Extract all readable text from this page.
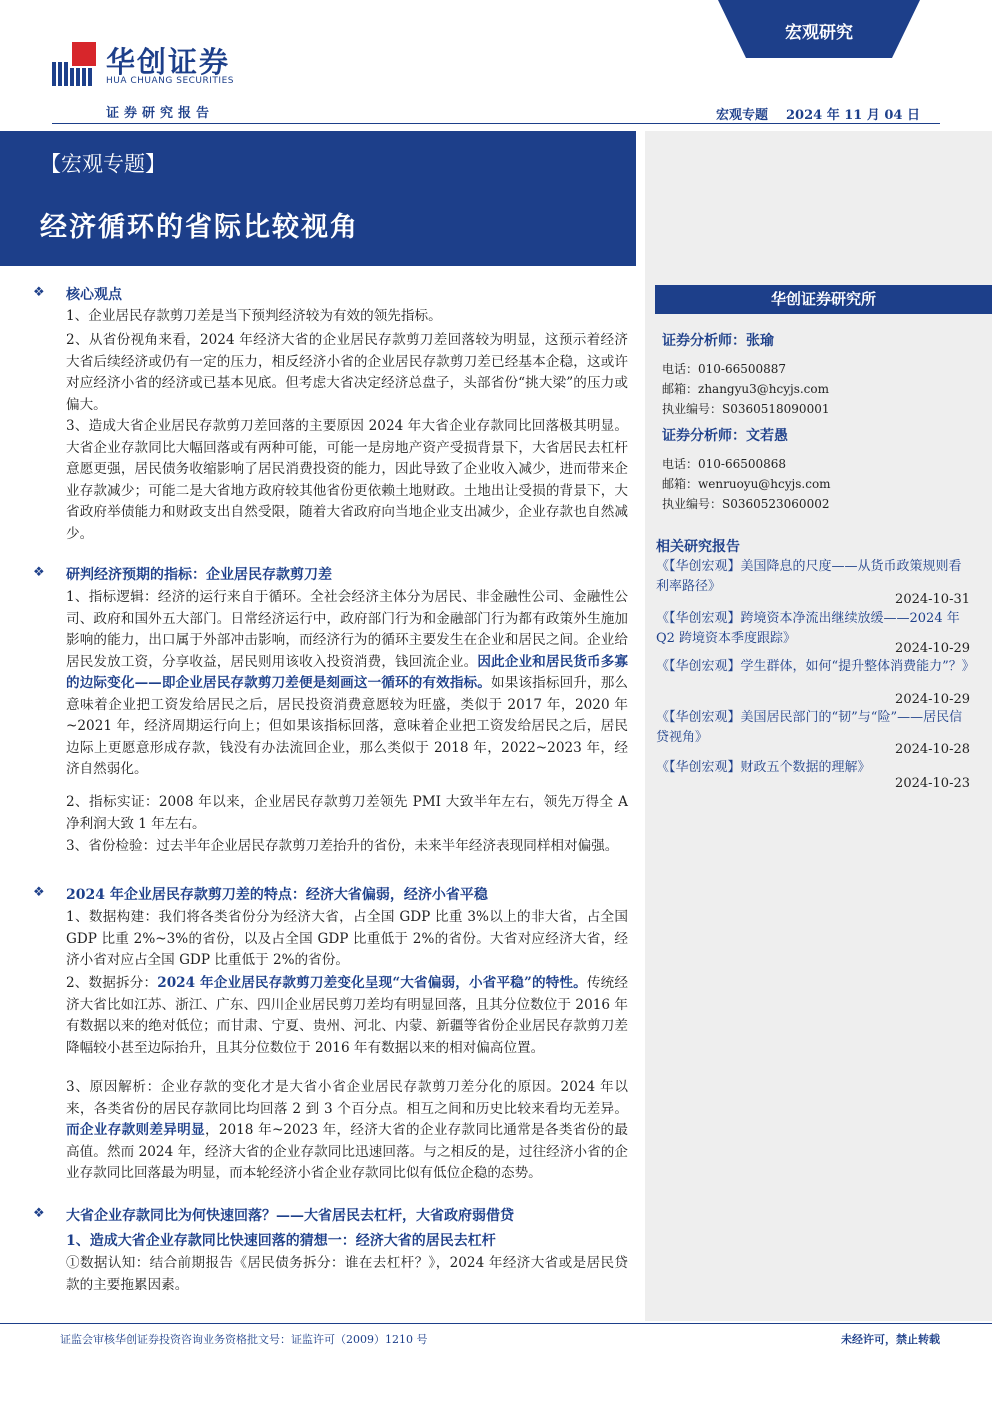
华创证券
HUA CHUANG SECURITIES
证券研究报告
宏观研究
宏观专题 2024 年 11 月 04 日
【宏观专题】
经济循环的省际比较视角
华创证券研究所
证券分析师：张瑜
电话：010-66500887
邮箱：zhangyu3@hcyjs.com
执业编号：S0360518090001
证券分析师：文若愚
电话：010-66500868
邮箱：wenruoyu@hcyjs.com
执业编号：S0360523060002
相关研究报告
《【华创宏观】美国降息的尺度——从货币政策规则看利率路径》
2024-10-31
《【华创宏观】跨境资本净流出继续放缓——2024 年 Q2 跨境资本季度跟踪》
2024-10-29
《【华创宏观】学生群体，如何“提升整体消费能力”？》
2024-10-29
《【华创宏观】美国居民部门的“韧”与“险”——居民信贷视角》
2024-10-28
《【华创宏观】财政五个数据的理解》
2024-10-23
❖ 核心观点
1、企业居民存款剪刀差是当下预判经济较为有效的领先指标。
2、从省份视角来看，2024 年经济大省的企业居民存款剪刀差回落较为明显，这预示着经济大省后续经济或仍有一定的压力，相反经济小省的企业居民存款剪刀差已经基本企稳，这或许对应经济小省的经济或已基本见底。但考虑大省决定经济总盘子，头部省份“挑大梁”的压力或偏大。
3、造成大省企业居民存款剪刀差回落的主要原因 2024 年大省企业存款同比回落极其明显。大省企业存款同比大幅回落或有两种可能，可能一是房地产资产受损背景下，大省居民去杠杆意愿更强，居民债务收缩影响了居民消费投资的能力，因此导致了企业收入减少，进而带来企业存款减少；可能二是大省地方政府较其他省份更依赖土地财政。土地出让受损的背景下，大省政府举债能力和财政支出自然受限，随着大省政府向当地企业支出减少，企业存款也自然减少。
❖ 研判经济预期的指标：企业居民存款剪刀差
1、指标逻辑：经济的运行来自于循环。全社会经济主体分为居民、非金融性公司、金融性公司、政府和国外五大部门。日常经济运行中，政府部门行为和金融部门行为都有政策外生施加影响的能力，出口属于外部冲击影响，而经济行为的循环主要发生在企业和居民之间。企业给居民发放工资，分享收益，居民则用该收入投资消费，钱回流企业。因此企业和居民货币多寡的边际变化——即企业居民存款剪刀差便是刻画这一循环的有效指标。如果该指标回升，那么意味着企业把工资发给居民之后，居民投资消费意愿较为旺盛，类似于 2017 年，2020 年~2021 年，经济周期运行向上；但如果该指标回落，意味着企业把工资发给居民之后，居民边际上更愿意形成存款，钱没有办法流回企业，那么类似于 2018 年，2022~2023 年，经济自然弱化。
2、指标实证：2008 年以来，企业居民存款剪刀差领先 PMI 大致半年左右，领先万得全 A 净利润大致 1 年左右。
3、省份检验：过去半年企业居民存款剪刀差抬升的省份，未来半年经济表现同样相对偏强。
❖ 2024 年企业居民存款剪刀差的特点：经济大省偏弱，经济小省平稳
1、数据构建：我们将各类省份分为经济大省，占全国 GDP 比重 3%以上的非大省，占全国 GDP 比重 2%~3%的省份，以及占全国 GDP 比重低于 2%的省份。大省对应经济大省，经济小省对应占全国 GDP 比重低于 2%的省份。
2、数据拆分：2024 年企业居民存款剪刀差变化呈现“大省偏弱，小省平稳”的特性。传统经济大省比如江苏、浙江、广东、四川企业居民剪刀差均有明显回落，且其分位数位于 2016 年有数据以来的绝对低位；而甘肃、宁夏、贵州、河北、内蒙、新疆等省份企业居民存款剪刀差降幅较小甚至边际抬升，且其分位数位于 2016 年有数据以来的相对偏高位置。
3、原因解析：企业存款的变化才是大省小省企业居民存款剪刀差分化的原因。2024 年以来，各类省份的居民存款同比均回落 2 到 3 个百分点。相互之间和历史比较来看均无差异。而企业存款则差异明显，2018 年~2023 年，经济大省的企业存款同比通常是各类省份的最高值。然而 2024 年，经济大省的企业存款同比迅速回落。与之相反的是，过往经济小省的企业存款同比回落最为明显，而本轮经济小省企业存款同比似有低位企稳的态势。
❖ 大省企业存款同比为何快速回落？——大省居民去杠杆，大省政府弱借贷
1、造成大省企业存款同比快速回落的猜想一：经济大省的居民去杠杆
①数据认知：结合前期报告《居民债务拆分：谁在去杠杆？》，2024 年经济大省或是居民贷款的主要拖累因素。
证监会审核华创证券投资咨询业务资格批文号：证监许可（2009）1210 号	未经许可，禁止转载
